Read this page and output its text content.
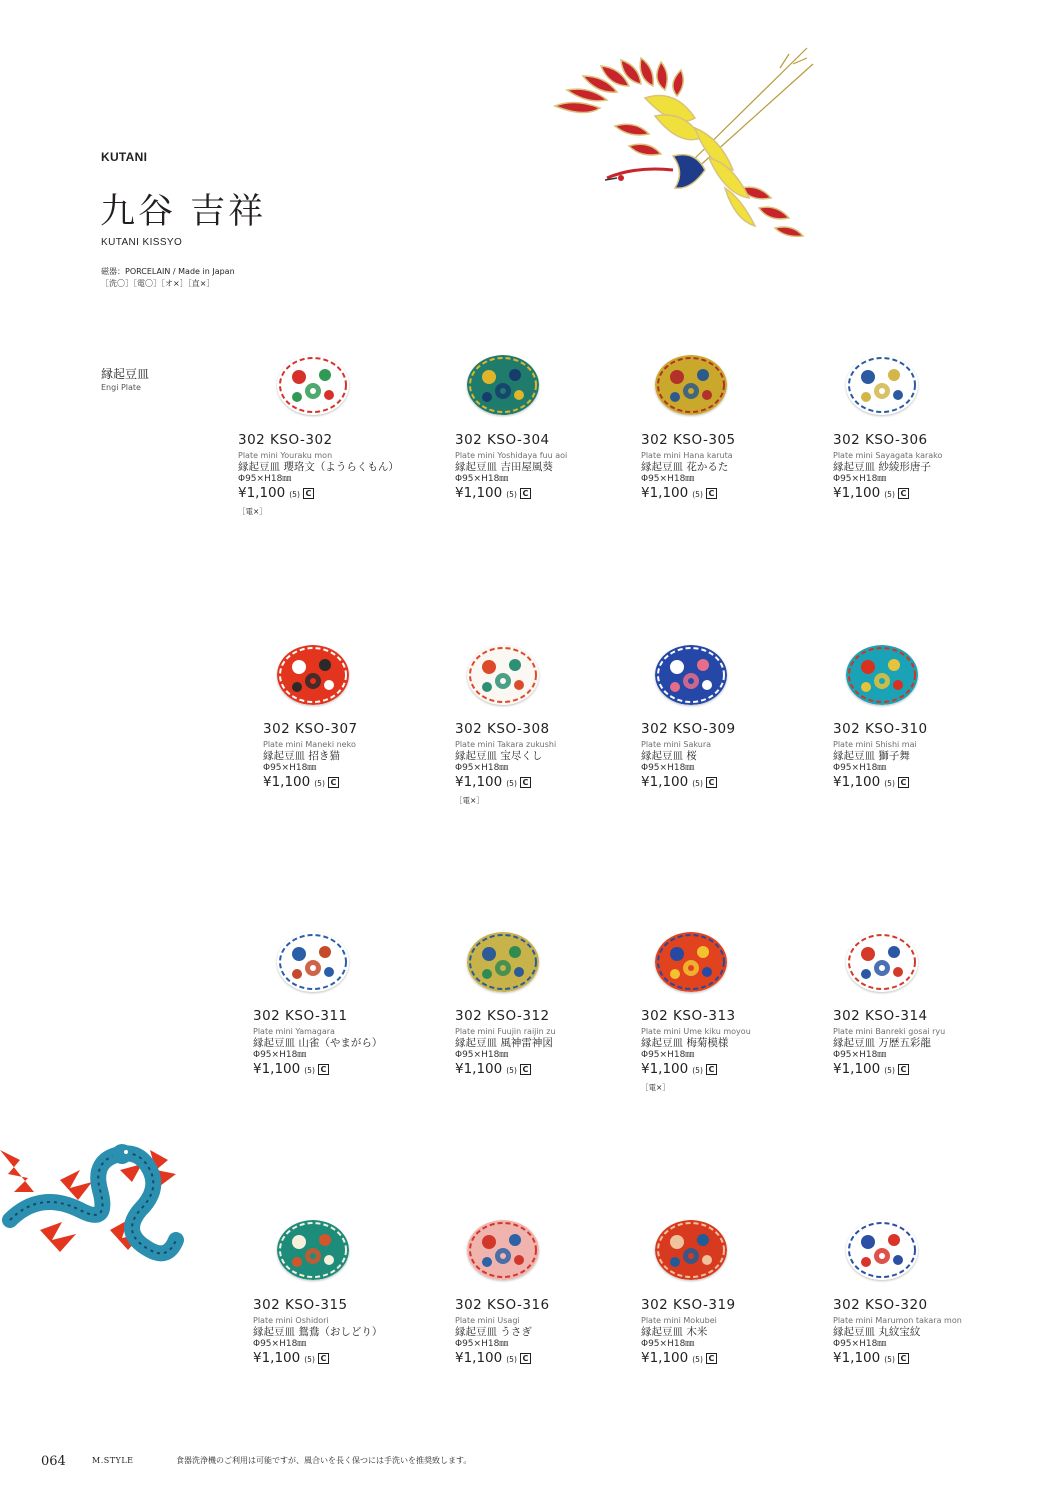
KUTANI
九谷 吉祥
KUTANI KISSYO
磁器：PORCELAIN / Made in Japan
［洗〇］［電〇］［オ×］［直×］
縁起豆皿
Engi Plate
302 KSO-302
Plate mini Youraku mon
縁起豆皿 瓔珞文（ようらくもん）
Φ95×H18㎜
¥1,100 (5) C
［電×］
302 KSO-304
Plate mini Yoshidaya fuu aoi
縁起豆皿 吉田屋風葵
Φ95×H18㎜
¥1,100 (5) C
302 KSO-305
Plate mini Hana karuta
縁起豆皿 花かるた
Φ95×H18㎜
¥1,100 (5) C
302 KSO-306
Plate mini Sayagata karako
縁起豆皿 紗綾形唐子
Φ95×H18㎜
¥1,100 (5) C
302 KSO-307
Plate mini Maneki neko
縁起豆皿 招き猫
Φ95×H18㎜
¥1,100 (5) C
302 KSO-308
Plate mini Takara zukushi
縁起豆皿 宝尽くし
Φ95×H18㎜
¥1,100 (5) C
［電×］
302 KSO-309
Plate mini Sakura
縁起豆皿 桜
Φ95×H18㎜
¥1,100 (5) C
302 KSO-310
Plate mini Shishi mai
縁起豆皿 獅子舞
Φ95×H18㎜
¥1,100 (5) C
302 KSO-311
Plate mini Yamagara
縁起豆皿 山雀（やまがら）
Φ95×H18㎜
¥1,100 (5) C
302 KSO-312
Plate mini Fuujin raijin zu
縁起豆皿 風神雷神図
Φ95×H18㎜
¥1,100 (5) C
302 KSO-313
Plate mini Ume kiku moyou
縁起豆皿 梅菊模様
Φ95×H18㎜
¥1,100 (5) C
［電×］
302 KSO-314
Plate mini Banreki gosai ryu
縁起豆皿 万歴五彩龍
Φ95×H18㎜
¥1,100 (5) C
302 KSO-315
Plate mini Oshidori
縁起豆皿 鴛鴦（おしどり）
Φ95×H18㎜
¥1,100 (5) C
302 KSO-316
Plate mini Usagi
縁起豆皿 うさぎ
Φ95×H18㎜
¥1,100 (5) C
302 KSO-319
Plate mini Mokubei
縁起豆皿 木米
Φ95×H18㎜
¥1,100 (5) C
302 KSO-320
Plate mini Marumon takara mon
縁起豆皿 丸紋宝紋
Φ95×H18㎜
¥1,100 (5) C
064	M.STYLE	食器洗浄機のご利用は可能ですが、風合いを長く保つには手洗いを推奨致します。
